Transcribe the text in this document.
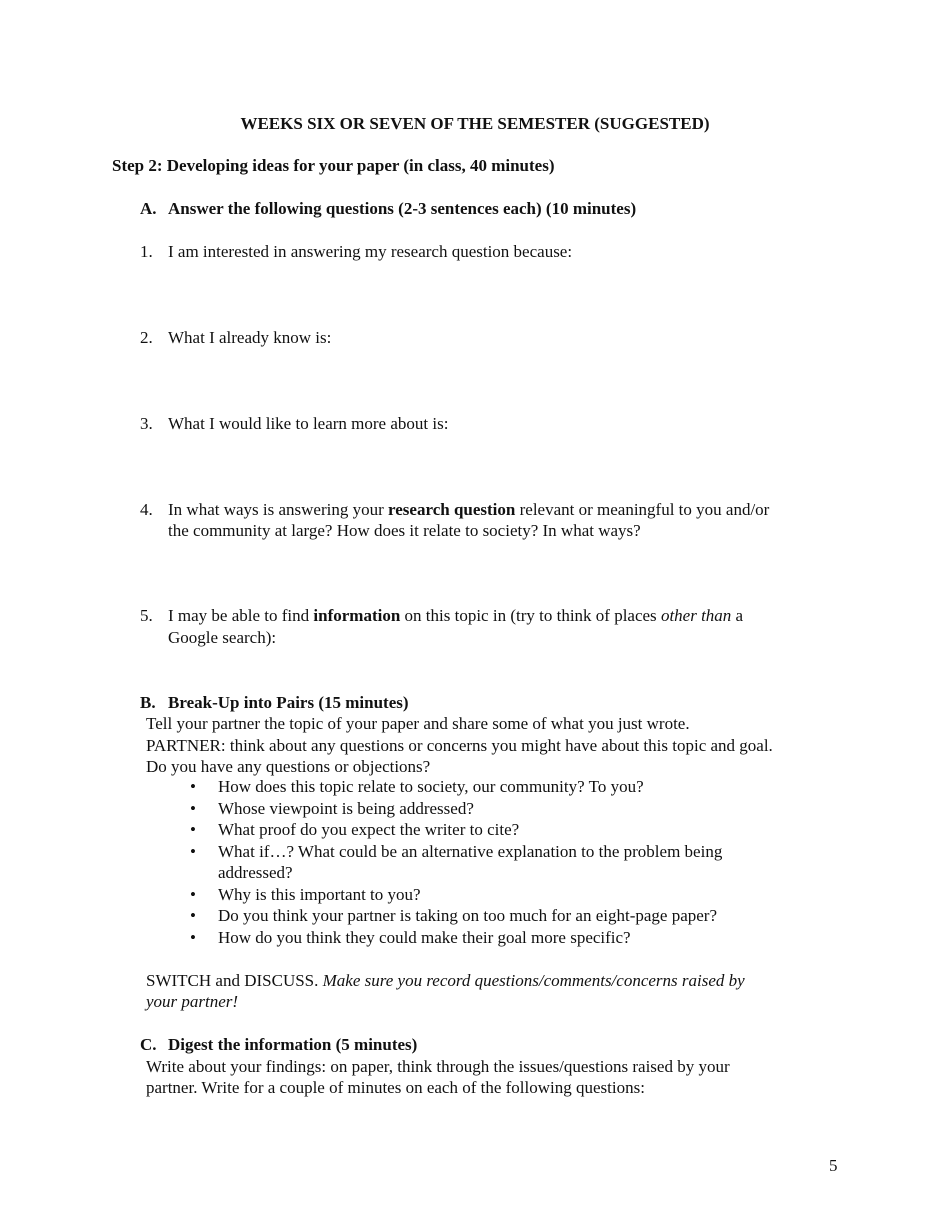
WEEKS SIX OR SEVEN OF THE SEMESTER (SUGGESTED)

Step 2: Developing ideas for your paper (in class, 40 minutes)

A. Answer the following questions (2-3 sentences each) (10 minutes)

1. I am interested in answering my research question because:

2. What I already know is:

3. What I would like to learn more about is:

4. In what ways is answering your research question relevant or meaningful to you and/or

the community at large? How does it relate to society? In what ways?

5. I may be able to find information on this topic in (try to think of places other than a

Google search):

B. Break-Up into Pairs (15 minutes)

Tell your partner the topic of your paper and share some of what you just wrote.

PARTNER: think about any questions or concerns you might have about this topic and goal.

Do you have any questions or objections?

• How does this topic relate to society, our community? To you?
• Whose viewpoint is being addressed?
• What proof do you expect the writer to cite?
• What if…? What could be an alternative explanation to the problem being addressed?
• Why is this important to you?
• Do you think your partner is taking on too much for an eight-page paper?
• How do you think they could make their goal more specific?

SWITCH and DISCUSS. Make sure you record questions/comments/concerns raised by

your partner!

C. Digest the information (5 minutes)

Write about your findings: on paper, think through the issues/questions raised by your

partner. Write for a couple of minutes on each of the following questions:

5
